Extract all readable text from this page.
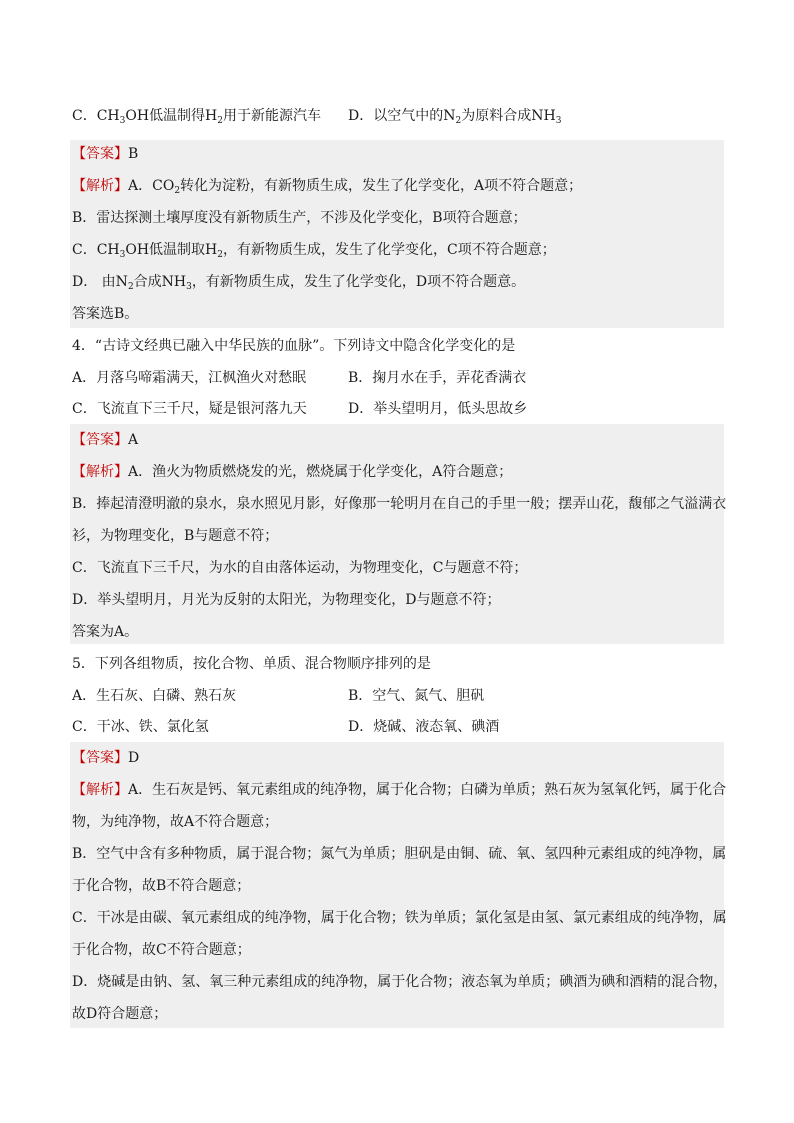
C．$CH_3OH$低温制得$H_2$用于新能源汽车 D．以空气中的$N_2$为原料合成$NH_3$
【答案】B
【解析】A．$CO_2$转化为淀粉，有新物质生成，发生了化学变化，A项不符合题意；
B．雷达探测土壤厚度没有新物质生产，不涉及化学变化，B项符合题意；
C．$CH_3OH$低温制取$H_2$，有新物质生成，发生了化学变化，C项不符合题意；
D． 由$N_2$合成$NH_3$，有新物质生成，发生了化学变化，D项不符合题意。
答案选B。
4．“古诗文经典已融入中华民族的血脉”。下列诗文中隐含化学变化的是
A．月落乌啼霜满天，江枫渔火对愁眠	B．掬月水在手，弄花香满衣
C．飞流直下三千尺，疑是银河落九天	D．举头望明月，低头思故乡
【答案】A
【解析】A．渔火为物质燃烧发的光，燃烧属于化学变化，A符合题意；
B．捧起清澄明澈的泉水，泉水照见月影，好像那一轮明月在自己的手里一般；摆弄山花，馥郁之气溢满衣
衫，为物理变化，B与题意不符；
C．飞流直下三千尺，为水的自由落体运动，为物理变化，C与题意不符；
D．举头望明月，月光为反射的太阳光，为物理变化，D与题意不符；
答案为A。
5．下列各组物质，按化合物、单质、混合物顺序排列的是
A．生石灰、白磷、熟石灰	B．空气、氮气、胆矾
C．干冰、铁、氯化氢	D．烧碱、液态氧、碘酒
【答案】D
【解析】A．生石灰是钙、氧元素组成的纯净物，属于化合物；白磷为单质；熟石灰为氢氧化钙，属于化合
物，为纯净物，故A不符合题意；
B．空气中含有多种物质，属于混合物；氮气为单质；胆矾是由铜、硫、氧、氢四种元素组成的纯净物，属
于化合物，故B不符合题意；
C．干冰是由碳、氧元素组成的纯净物，属于化合物；铁为单质；氯化氢是由氢、氯元素组成的纯净物，属
于化合物，故C不符合题意；
D．烧碱是由钠、氢、氧三种元素组成的纯净物，属于化合物；液态氧为单质；碘酒为碘和酒精的混合物，
故D符合题意；
